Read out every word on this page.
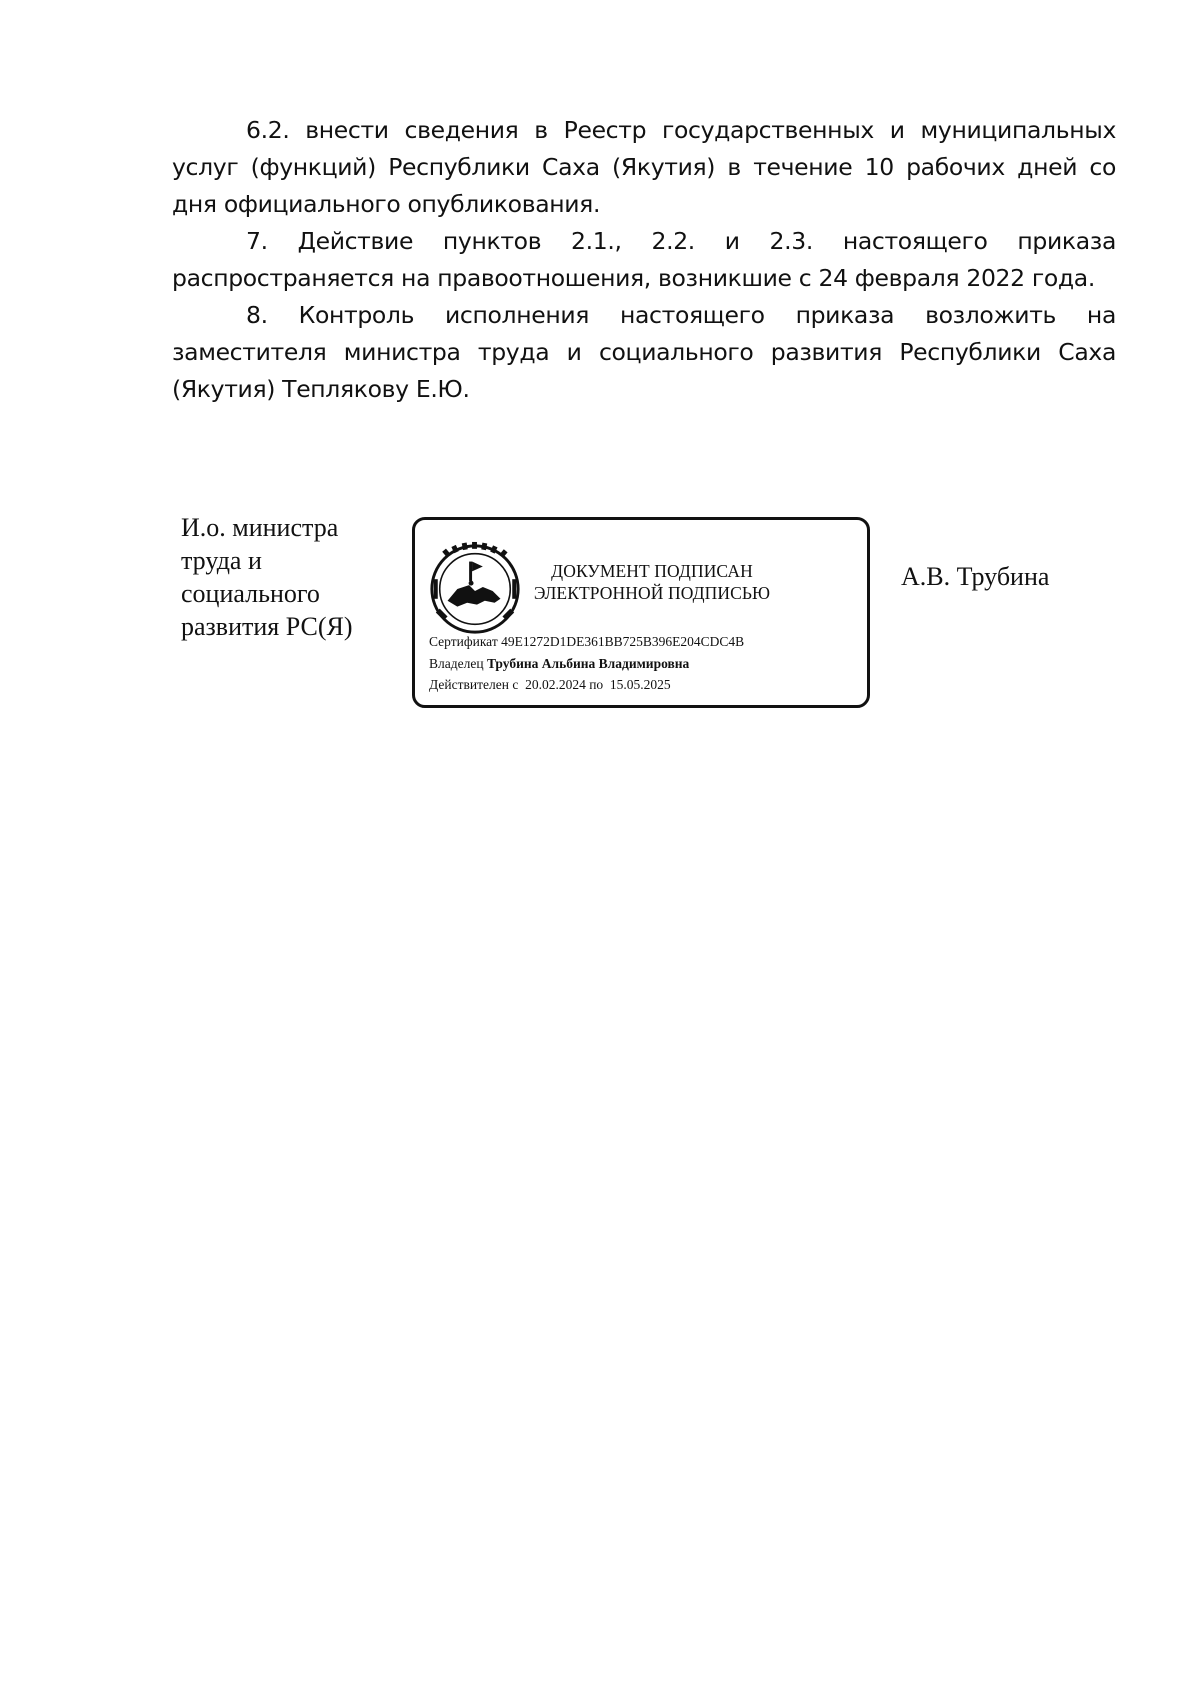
6.2. внести сведения в Реестр государственных и муниципальных услуг (функций) Республики Саха (Якутия) в течение 10 рабочих дней со дня официального опубликования.

7. Действие пунктов 2.1., 2.2. и 2.3. настоящего приказа распространяется на правоотношения, возникшие с 24 февраля 2022 года.

8. Контроль исполнения настоящего приказа возложить на заместителя министра труда и социального развития Республики Саха (Якутия) Теплякову Е.Ю.

И.о. министра
труда и
социального
развития РС(Я)
ДОКУМЕНТ ПОДПИСАН
ЭЛЕКТРОННОЙ ПОДПИСЬЮ
Сертификат 49E1272D1DE361BB725B396E204CDC4B
Владелец Трубина Альбина Владимировна
Действителен с 20.02.2024 по 15.05.2025
А.В. Трубина
